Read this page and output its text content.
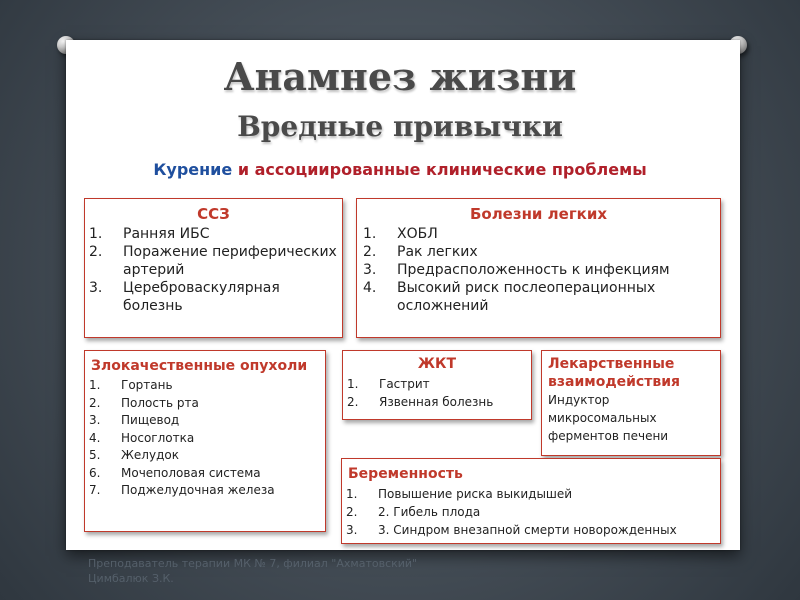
Анамнез жизни
Вредные привычки
Курение и ассоциированные клинические проблемы
ССЗ
Ранняя ИБС
Поражение периферических артерий
Цереброваскулярная болезнь
Болезни легких
ХОБЛ
Рак легких
Предрасположенность к инфекциям
Высокий риск послеоперационных осложнений
Злокачественные опухоли
Гортань
Полость рта
Пищевод
Носоглотка
Желудок
Мочеполовая система
Поджелудочная железа
ЖКТ
Гастрит
Язвенная болезнь
Лекарственные взаимодействия
Индуктор микросомальных ферментов печени
Беременность
Повышение риска выкидышей
2. Гибель плода
3. Синдром внезапной смерти новорожденных
Преподаватель терапии МК № 7, филиал "Ахматовский"
Цимбалюк З.К.
